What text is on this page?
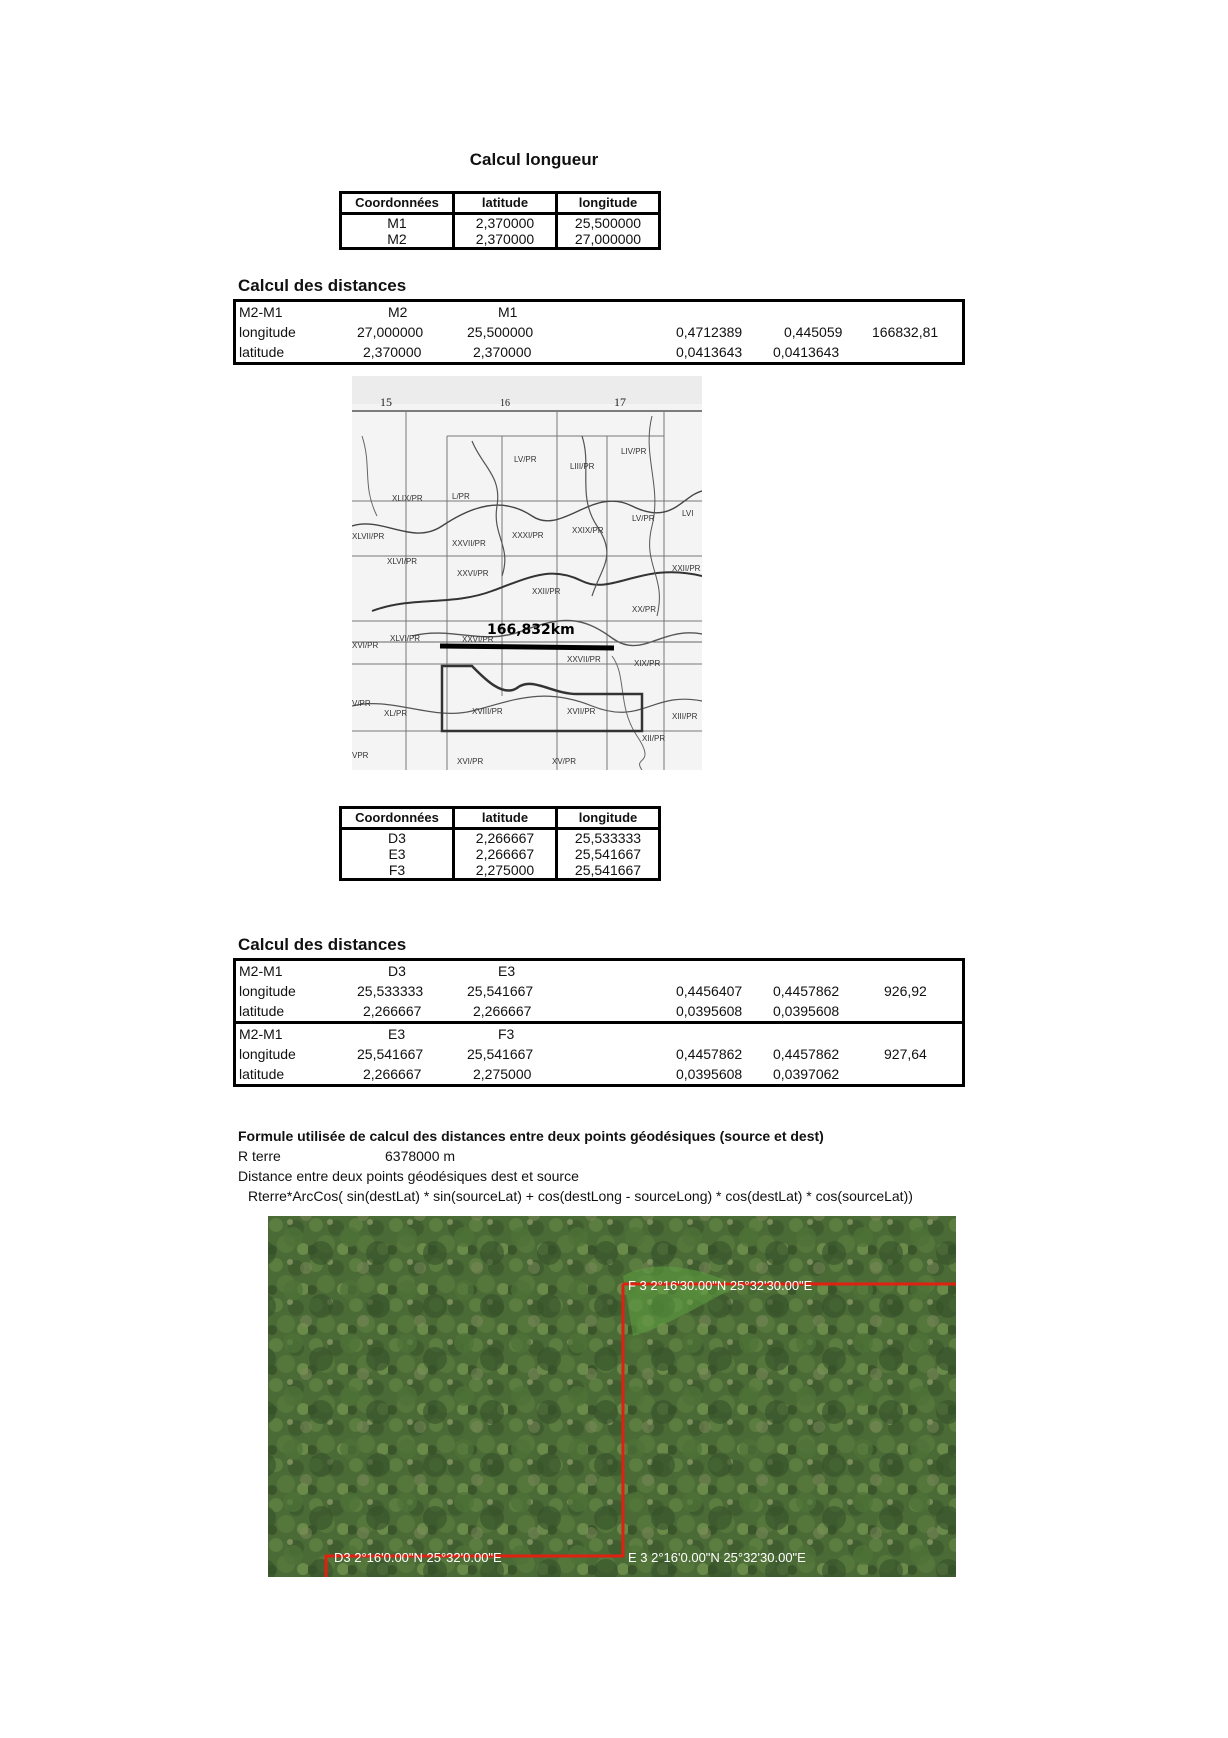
Calcul longueur
Coordonnées	latitude	longitude
M1	2,370000	25,500000
M2	2,370000	27,000000
Calcul des distances
M2-M1	M2	M1
longitude	27,000000	25,500000	0,4712389	0,445059 166832,81
latitude	2,370000	2,370000	0,0413643 0,0413643
15	16	17
LIV/PR
LIII/PR
LV/PR
XLIX/PR	L/PR
LVI
XXVII/PR
XXXI/PR
XXIX/PR
LV/PR
XLVI/PR
XLVII/PR
XXVI/PR
XXII/PR
XXII/PR
XX/PR
XLVI/PR	XXVI/PR
XXVII/PR	XIX/PR
XVI/PR
XL/PR	XVIII/PR	XVII/PR
XIII/PR
XII/PR
XVI/PR	XV/PR
V/PR
VPR
166,832km
Coordonnées	latitude	longitude
D3	2,266667	25,533333
E3	2,266667	25,541667
F3	2,275000	25,541667
Calcul des distances
M2-M1	D3	E3
longitude	25,533333	25,541667	0,4456407 0,4457862	926,92
latitude	2,266667	2,266667	0,0395608 0,0395608
M2-M1	E3	F3
longitude	25,541667	25,541667	0,4457862 0,4457862	927,64
latitude	2,266667	2,275000	0,0395608 0,0397062
Formule utilisée de calcul des distances entre deux points géodésiques (source et dest)
R terre	6378000 m
Distance entre deux points géodésiques dest et source
Rterre*ArcCos( sin(destLat) * sin(sourceLat) + cos(destLong - sourceLong) * cos(destLat) * cos(sourceLat))
F 3 2°16'30.00"N 25°32'30.00"E
D3 2°16'0.00"N 25°32'0.00"E	E 3 2°16'0.00"N 25°32'30.00"E
